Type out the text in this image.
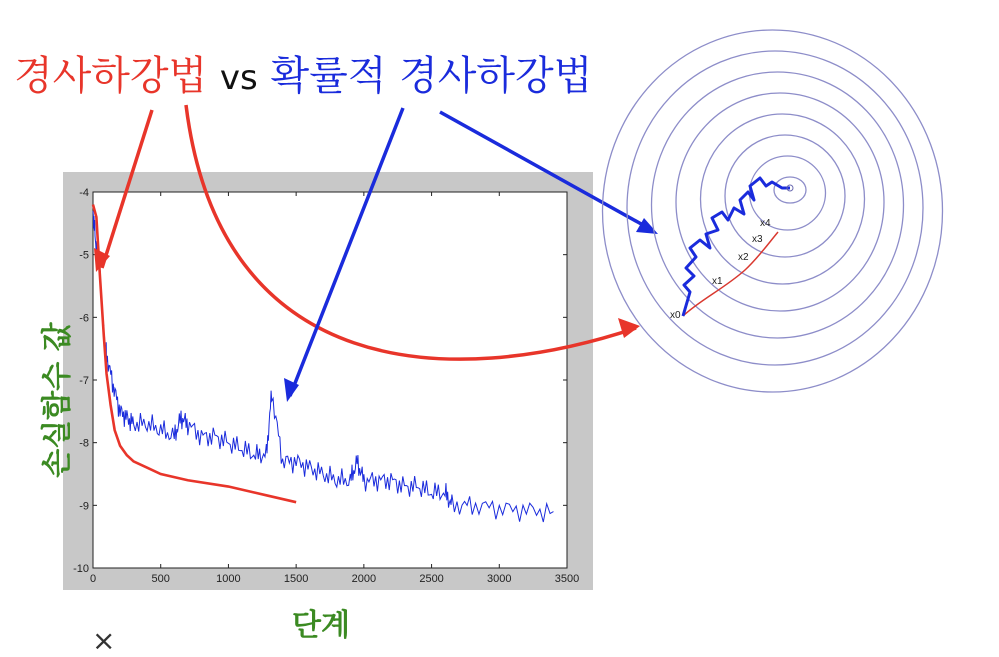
경사하강법 vs 확률적 경사하강법
0	500	1000	1500	2000	2500	3000	3500
-4
-5
-6
-7
-8
-9
-10
x0
x1
x2
x3
x4
손실함수 값
단계
×
